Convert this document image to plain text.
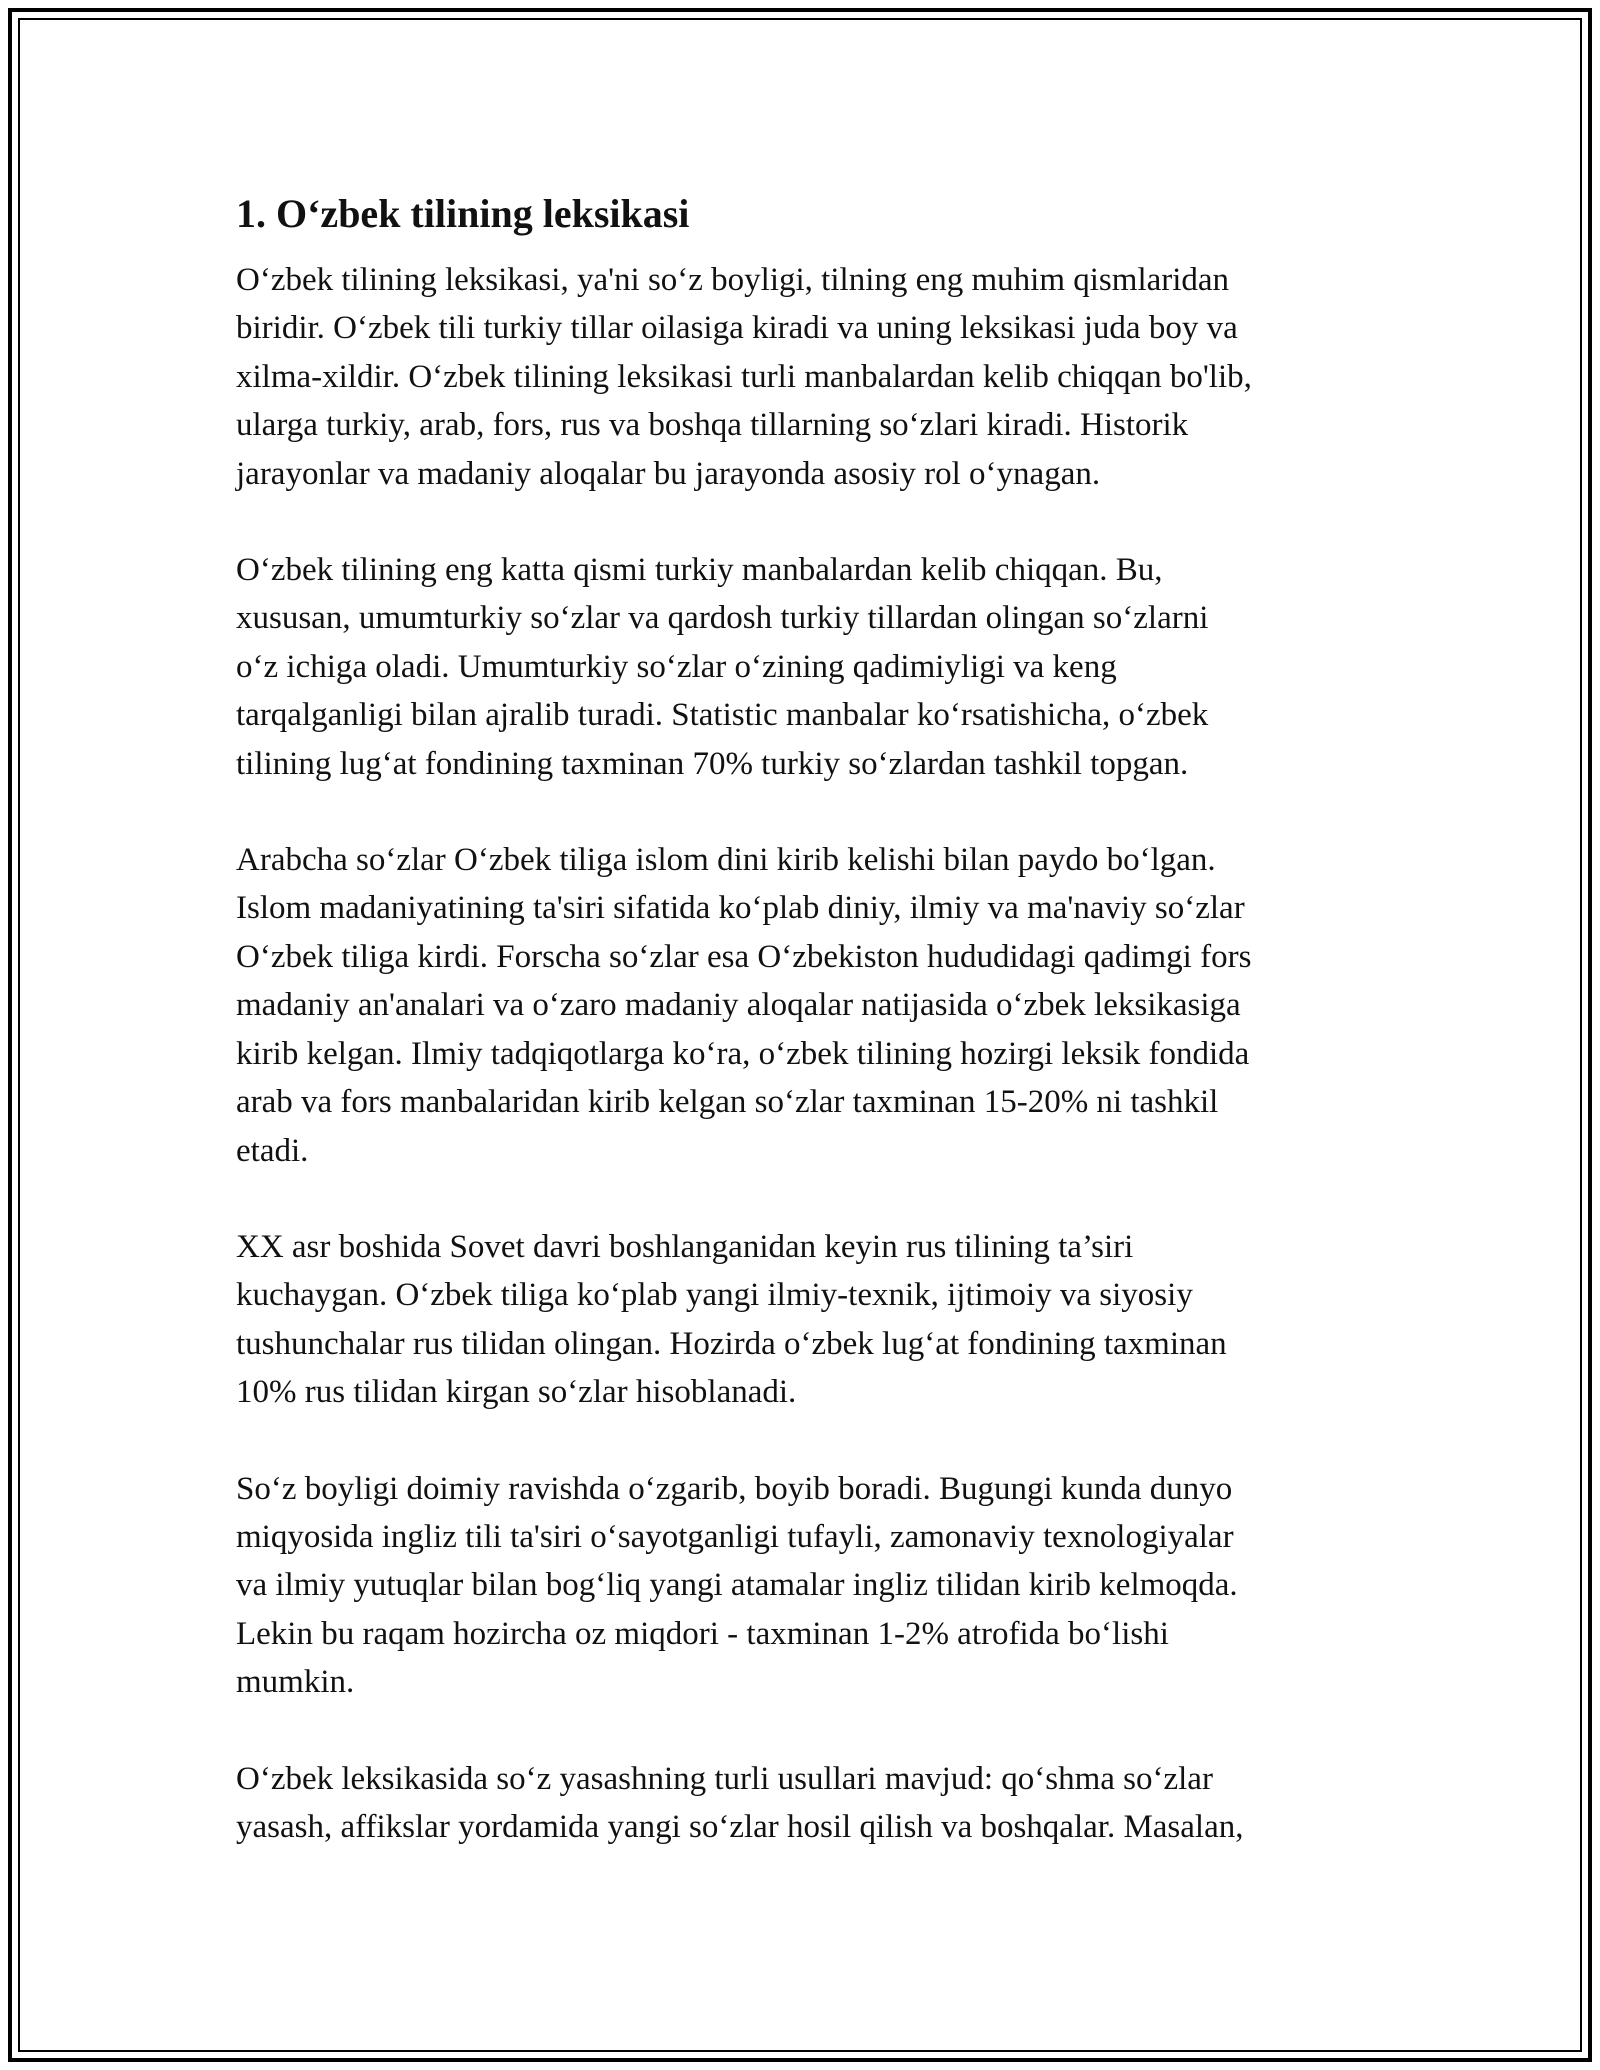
1. O‘zbek tilining leksikasi

O‘zbek tilining leksikasi, ya'ni so‘z boyligi, tilning eng muhim qismlaridan
biridir. O‘zbek tili turkiy tillar oilasiga kiradi va uning leksikasi juda boy va
xilma-xildir. O‘zbek tilining leksikasi turli manbalardan kelib chiqqan bo'lib,
ularga turkiy, arab, fors, rus va boshqa tillarning so‘zlari kiradi. Historik
jarayonlar va madaniy aloqalar bu jarayonda asosiy rol o‘ynagan.

O‘zbek tilining eng katta qismi turkiy manbalardan kelib chiqqan. Bu,
xususan, umumturkiy so‘zlar va qardosh turkiy tillardan olingan so‘zlarni
o‘z ichiga oladi. Umumturkiy so‘zlar o‘zining qadimiyligi va keng
tarqalganligi bilan ajralib turadi. Statistic manbalar ko‘rsatishicha, o‘zbek
tilining lug‘at fondining taxminan 70% turkiy so‘zlardan tashkil topgan.

Arabcha so‘zlar O‘zbek tiliga islom dini kirib kelishi bilan paydo bo‘lgan.
Islom madaniyatining ta'siri sifatida ko‘plab diniy, ilmiy va ma'naviy so‘zlar
O‘zbek tiliga kirdi. Forscha so‘zlar esa O‘zbekiston hududidagi qadimgi fors
madaniy an'analari va o‘zaro madaniy aloqalar natijasida o‘zbek leksikasiga
kirib kelgan. Ilmiy tadqiqotlarga ko‘ra, o‘zbek tilining hozirgi leksik fondida
arab va fors manbalaridan kirib kelgan so‘zlar taxminan 15-20% ni tashkil
etadi.

XX asr boshida Sovet davri boshlanganidan keyin rus tilining ta’siri
kuchaygan. O‘zbek tiliga ko‘plab yangi ilmiy-texnik, ijtimoiy va siyosiy
tushunchalar rus tilidan olingan. Hozirda o‘zbek lug‘at fondining taxminan
10% rus tilidan kirgan so‘zlar hisoblanadi.

So‘z boyligi doimiy ravishda o‘zgarib, boyib boradi. Bugungi kunda dunyo
miqyosida ingliz tili ta'siri o‘sayotganligi tufayli, zamonaviy texnologiyalar
va ilmiy yutuqlar bilan bog‘liq yangi atamalar ingliz tilidan kirib kelmoqda.
Lekin bu raqam hozircha oz miqdori - taxminan 1-2% atrofida bo‘lishi
mumkin.

O‘zbek leksikasida so‘z yasashning turli usullari mavjud: qo‘shma so‘zlar
yasash, affikslar yordamida yangi so‘zlar hosil qilish va boshqalar. Masalan,
